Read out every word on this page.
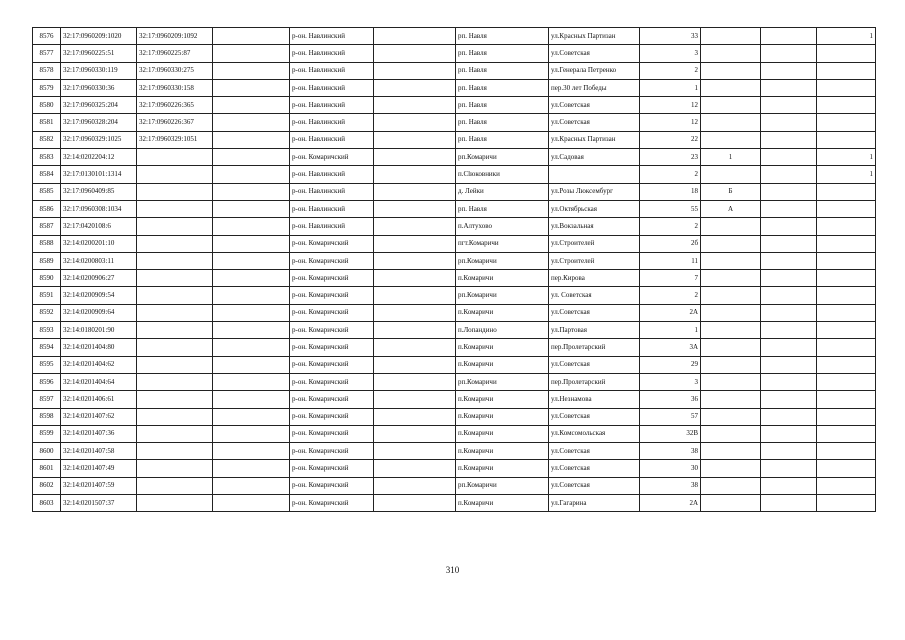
8576	32:17:0960209:1020	32:17:0960209:1092		р-он. Навлинский		рп. Навля	ул.Красных Партизан	33			1
8577	32:17:0960225:51	32:17:0960225:87		р-он. Навлинский		рп. Навля	ул.Советская	3			
8578	32:17:0960330:119	32:17:0960330:275		р-он. Навлинский		рп. Навля	ул.Генерала Петренко	2			
8579	32:17:0960330:36	32:17:0960330:158		р-он. Навлинский		рп. Навля	пер.30 лет Победы	1			
8580	32:17:0960325:204	32:17:0960226:365		р-он. Навлинский		рп. Навля	ул.Советская	12			
8581	32:17:0960328:204	32:17:0960226:367		р-он. Навлинский		рп. Навля	ул.Советская	12			
8582	32:17:0960329:1025	32:17:0960329:1051		р-он. Навлинский		рп. Навля	ул.Красных Партизан	22			
8583	32:14:0202204:12			р-он. Комаричский		рп.Комаричи	ул.Садовая	23	1		1
8584	32:17:0130101:1314			р-он. Навлинский		п.Clюковники		2			1
8585	32:17:0960409:85			р-он. Навлинский		д. Лейки	ул.Розы Люксембург	18	Б		
8586	32:17:0960308:1034			р-он. Навлинский		рп. Навля	ул.Октябрьская	55	А		
8587	32:17:0420108:6			р-он. Навлинский		п.Алтухово	ул.Вокзальная	2			
8588	32:14:0200201:10			р-он. Комаричский		пгт.Комаричи	ул.Строителей	2б			
8589	32:14:0200803:11			р-он. Комаричский		рп.Комаричи	ул.Строителей	11			
8590	32:14:0200906:27			р-он. Комаричский		п.Комаричи	пер.Кирова	7			
8591	32:14:0200909:54			р-он. Комаричский		рп.Комаричи	ул. Советская	2			
8592	32:14:0200909:64			р-он. Комаричский		п.Комаричи	ул.Советская	2А			
8593	32:14:0180201:90			р-он. Комаричский		п.Лопандино	ул.Партовая	1			
8594	32:14:0201404:80			р-он. Комаричский		п.Комаричи	пер.Пролетарский	3А			
8595	32:14:0201404:62			р-он. Комаричский		п.Комаричи	ул.Советская	29			
8596	32:14:0201404:64			р-он. Комаричский		рп.Комаричи	пер.Пролетарский	3			
8597	32:14:0201406:61			р-он. Комаричский		п.Комаричи	ул.Незнамова	36			
8598	32:14:0201407:62			р-он. Комаричский		п.Комаричи	ул.Советская	57			
8599	32:14:0201407:36			р-он. Комаричский		п.Комаричи	ул.Комсомольская	32В			
8600	32:14:0201407:58			р-он. Комаричский		п.Комаричи	ул.Советская	38			
8601	32:14:0201407:49			р-он. Комаричский		п.Комаричи	ул.Советская	30			
8602	32:14:0201407:59			р-он. Комаричский		рп.Комаричи	ул.Советская	38			
8603	32:14:0201507:37			р-он. Комаричский		п.Комаричи	ул.Гагарина	2А			
310
